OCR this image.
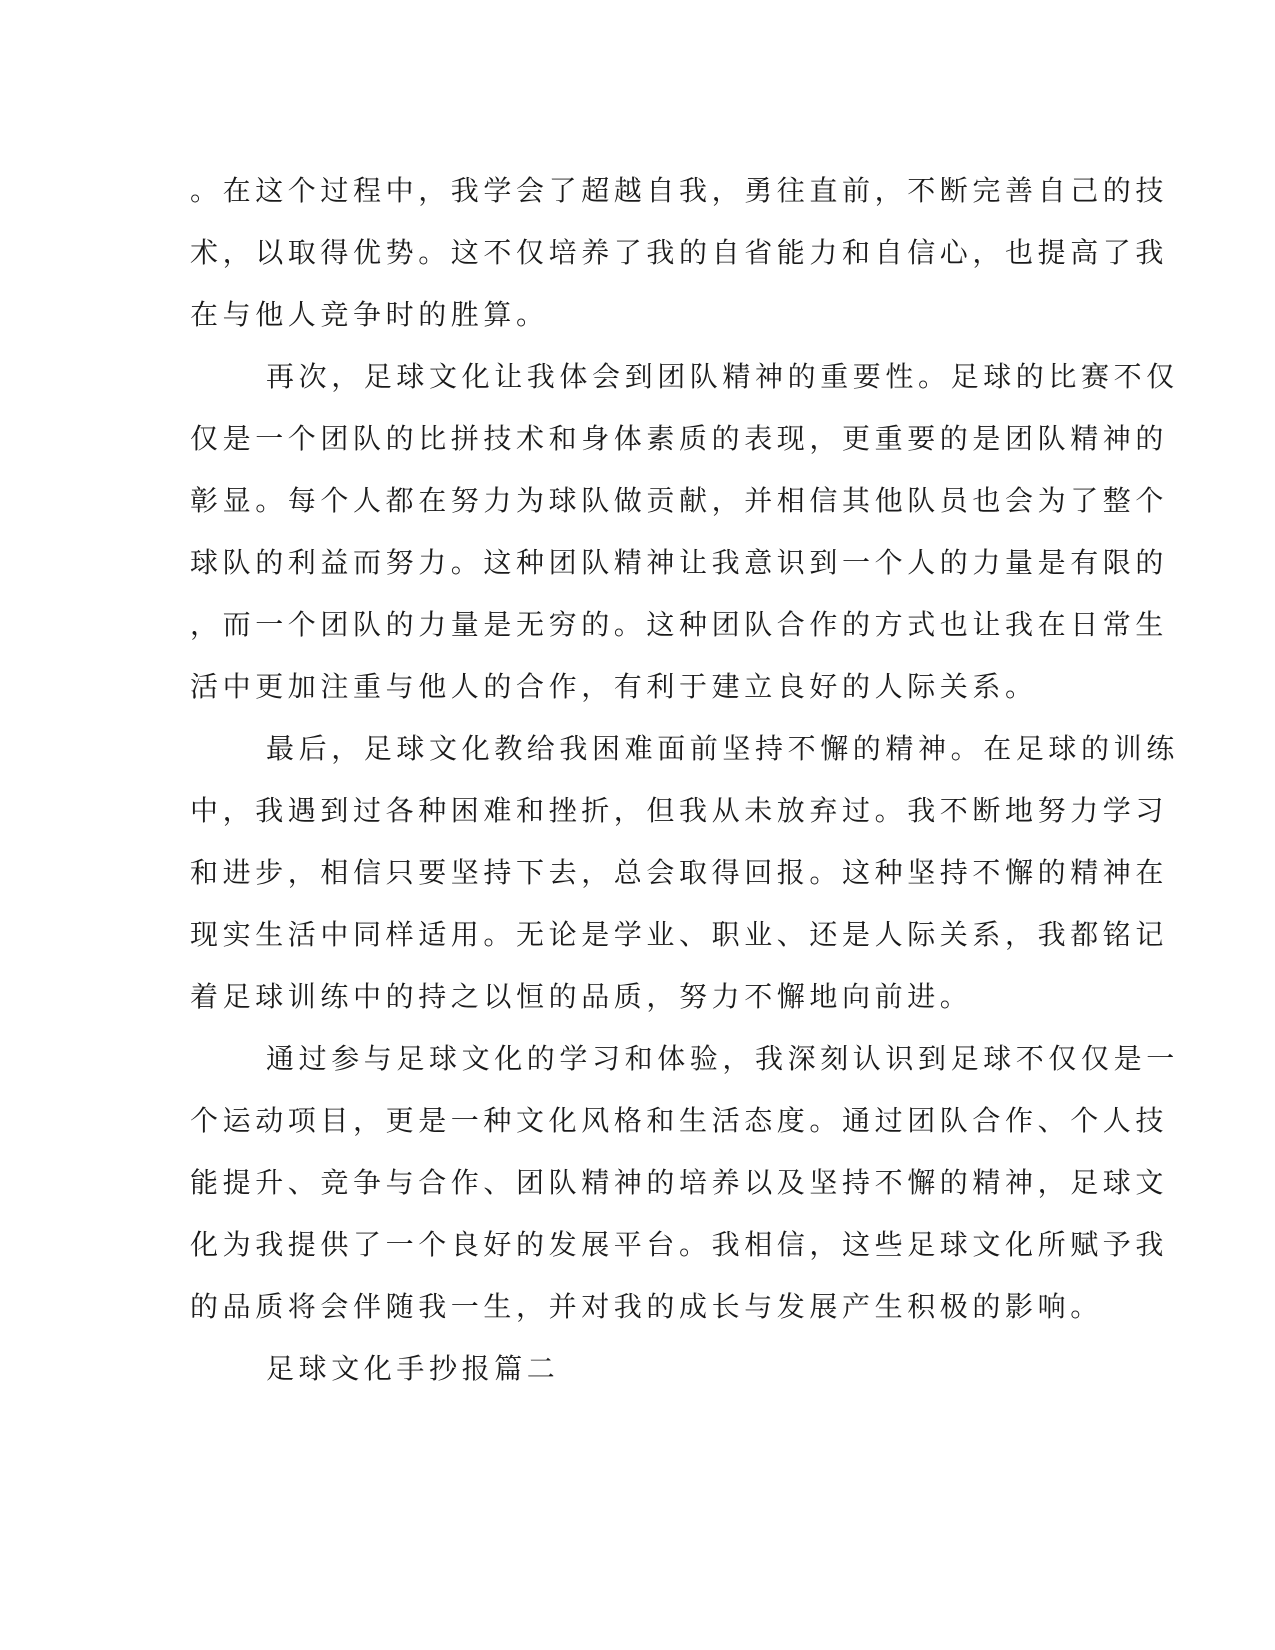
。在这个过程中，我学会了超越自我，勇往直前，不断完善自己的技
术，以取得优势。这不仅培养了我的自省能力和自信心，也提高了我
在与他人竞争时的胜算。
再次，足球文化让我体会到团队精神的重要性。足球的比赛不仅
仅是一个团队的比拼技术和身体素质的表现，更重要的是团队精神的
彰显。每个人都在努力为球队做贡献，并相信其他队员也会为了整个
球队的利益而努力。这种团队精神让我意识到一个人的力量是有限的
，而一个团队的力量是无穷的。这种团队合作的方式也让我在日常生
活中更加注重与他人的合作，有利于建立良好的人际关系。
最后，足球文化教给我困难面前坚持不懈的精神。在足球的训练
中，我遇到过各种困难和挫折，但我从未放弃过。我不断地努力学习
和进步，相信只要坚持下去，总会取得回报。这种坚持不懈的精神在
现实生活中同样适用。无论是学业、职业、还是人际关系，我都铭记
着足球训练中的持之以恒的品质，努力不懈地向前进。
通过参与足球文化的学习和体验，我深刻认识到足球不仅仅是一
个运动项目，更是一种文化风格和生活态度。通过团队合作、个人技
能提升、竞争与合作、团队精神的培养以及坚持不懈的精神，足球文
化为我提供了一个良好的发展平台。我相信，这些足球文化所赋予我
的品质将会伴随我一生，并对我的成长与发展产生积极的影响。
足球文化手抄报篇二
